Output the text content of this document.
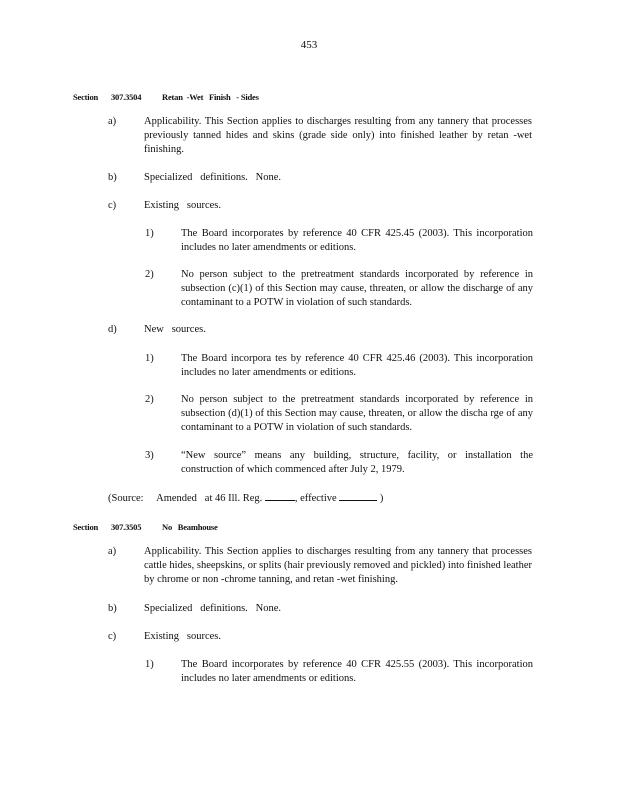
453
Section 307.3504 Retan  -Wet   Finish   - Sides
a)	Applicability. This Section applies to discharges resulting from any tannery that processes previously tanned hides and skins (grade side only) into finished leather by retan -wet finishing.
b)	Specialized   definitions.   None.
c)	Existing   sources.
1)	The Board incorporates by reference 40 CFR 425.45 (2003). This incorporation includes no later amendments or editions.
2)	No person subject to the pretreatment standards incorporated by reference in subsection (c)(1) of this Section may cause, threaten, or allow the discharge of any contaminant to a POTW in violation of such standards.
d)	New   sources.
1)	The Board incorpora tes by reference 40 CFR 425.46 (2003). This incorporation includes no later amendments or editions.
2)	No person subject to the pretreatment standards incorporated by reference in subsection (d)(1) of this Section may cause, threaten, or allow the discha rge of any contaminant to a POTW in violation of such standards.
3)	“New source” means any building, structure, facility, or installation the construction of which commenced after July 2, 1979.
(Source:     Amended   at 46 Ill. Reg.	, effective	)
Section 307.3505 No   Beamhouse
a)	Applicability. This Section applies to discharges resulting from any tannery that processes cattle hides, sheepskins, or splits (hair previously removed and pickled) into finished leather by chrome or non -chrome tanning, and retan -wet finishing.
b)	Specialized   definitions.   None.
c)	Existing   sources.
1)	The Board incorporates by reference 40 CFR 425.55 (2003). This incorporation includes no later amendments or editions.
